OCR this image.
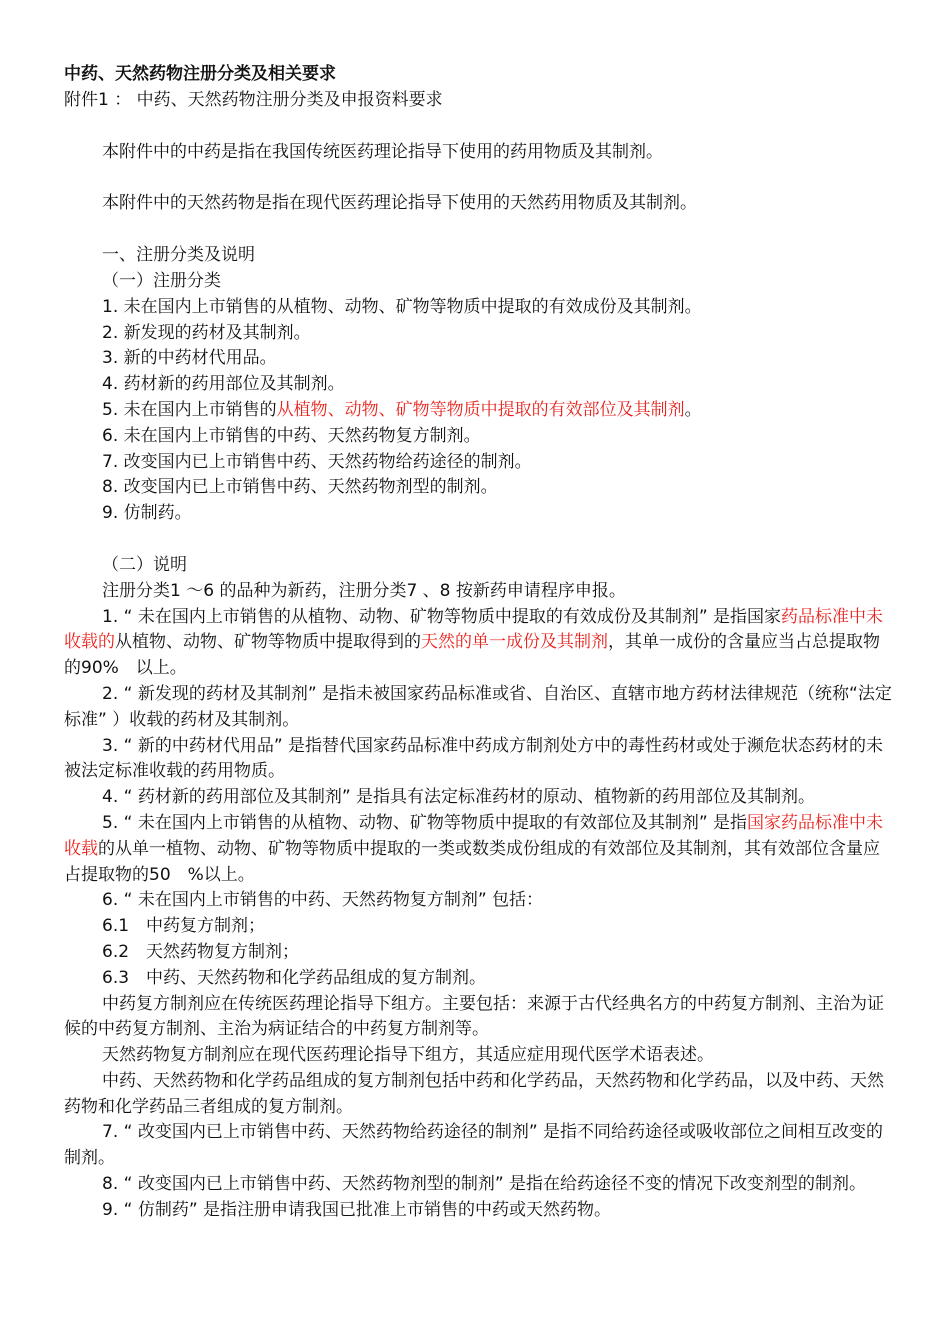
中药、天然药物注册分类及相关要求
附件1 ： 中药、天然药物注册分类及申报资料要求
本附件中的中药是指在我国传统医药理论指导下使用的药用物质及其制剂。
本附件中的天然药物是指在现代医药理论指导下使用的天然药用物质及其制剂。
一、注册分类及说明
（一）注册分类
1. 未在国内上市销售的从植物、动物、矿物等物质中提取的有效成份及其制剂。
2. 新发现的药材及其制剂。
3. 新的中药材代用品。
4. 药材新的药用部位及其制剂。
5. 未在国内上市销售的从植物、动物、矿物等物质中提取的有效部位及其制剂。
6. 未在国内上市销售的中药、天然药物复方制剂。
7. 改变国内已上市销售中药、天然药物给药途径的制剂。
8. 改变国内已上市销售中药、天然药物剂型的制剂。
9. 仿制药。
（二）说明
注册分类1 ～6 的品种为新药，注册分类7 、8 按新药申请程序申报。
1. “ 未在国内上市销售的从植物、动物、矿物等物质中提取的有效成份及其制剂” 是指国家药品标准中未收载的从植物、动物、矿物等物质中提取得到的天然的单一成份及其制剂，其单一成份的含量应当占总提取物的90%　以上。
2. “ 新发现的药材及其制剂” 是指未被国家药品标准或省、自治区、直辖市地方药材法律规范（统称“法定标准” ）收载的药材及其制剂。
3. “ 新的中药材代用品” 是指替代国家药品标准中药成方制剂处方中的毒性药材或处于濒危状态药材的未被法定标准收载的药用物质。
4. “ 药材新的药用部位及其制剂” 是指具有法定标准药材的原动、植物新的药用部位及其制剂。
5. “ 未在国内上市销售的从植物、动物、矿物等物质中提取的有效部位及其制剂” 是指国家药品标准中未收载的从单一植物、动物、矿物等物质中提取的一类或数类成份组成的有效部位及其制剂，其有效部位含量应占提取物的50　%以上。
6. “ 未在国内上市销售的中药、天然药物复方制剂” 包括：
6.1　中药复方制剂；
6.2　天然药物复方制剂；
6.3　中药、天然药物和化学药品组成的复方制剂。
中药复方制剂应在传统医药理论指导下组方。主要包括：来源于古代经典名方的中药复方制剂、主治为证候的中药复方制剂、主治为病证结合的中药复方制剂等。
天然药物复方制剂应在现代医药理论指导下组方，其适应症用现代医学术语表述。
中药、天然药物和化学药品组成的复方制剂包括中药和化学药品，天然药物和化学药品，以及中药、天然药物和化学药品三者组成的复方制剂。
7. “ 改变国内已上市销售中药、天然药物给药途径的制剂” 是指不同给药途径或吸收部位之间相互改变的制剂。
8. “ 改变国内已上市销售中药、天然药物剂型的制剂” 是指在给药途径不变的情况下改变剂型的制剂。
9. “ 仿制药” 是指注册申请我国已批准上市销售的中药或天然药物。
